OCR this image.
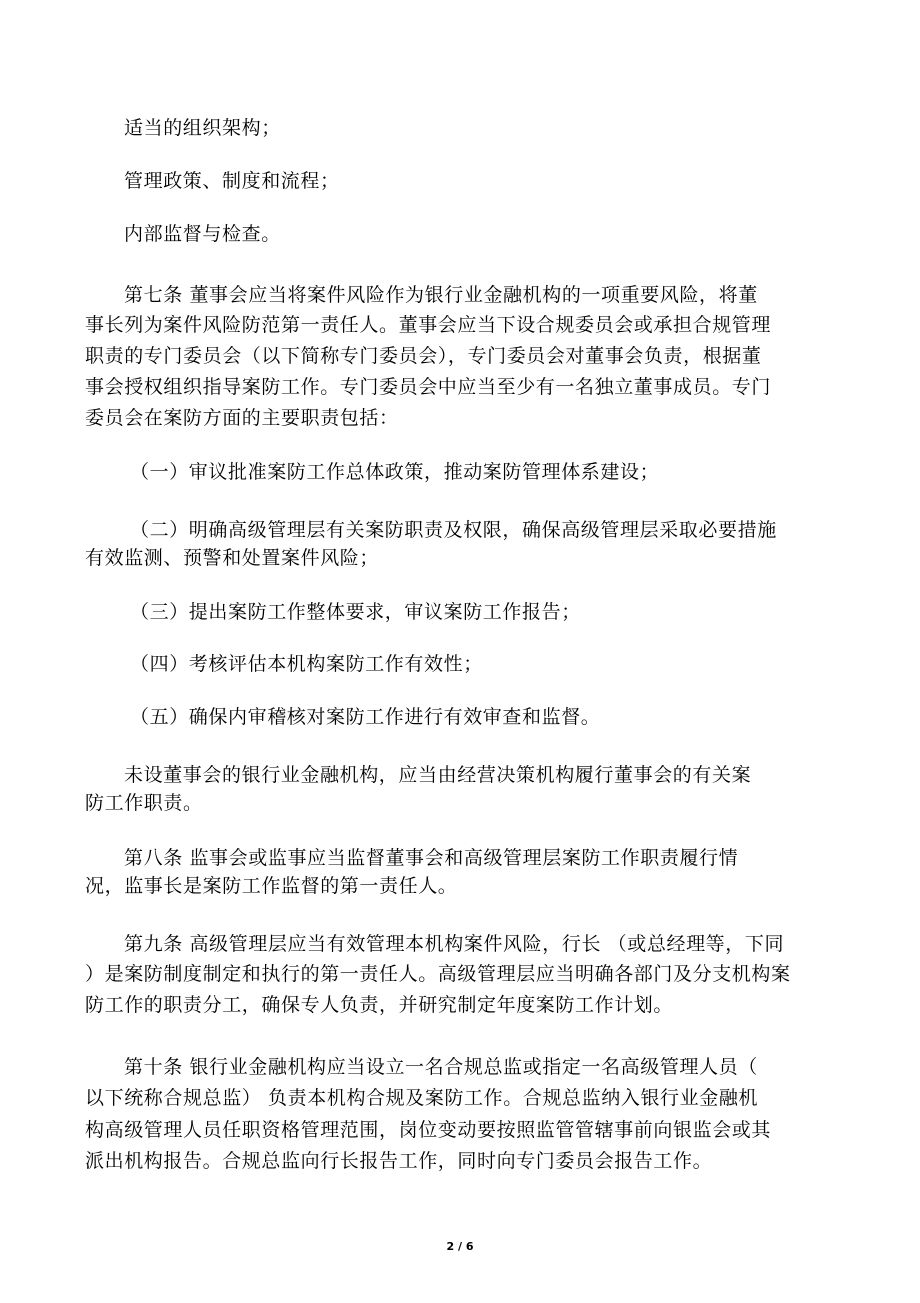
适当的组织架构；
管理政策、制度和流程；
内部监督与检查。
第七条 董事会应当将案件风险作为银行业金融机构的一项重要风险，将董
事长列为案件风险防范第一责任人。董事会应当下设合规委员会或承担合规管理
职责的专门委员会（以下简称专门委员会），专门委员会对董事会负责，根据董
事会授权组织指导案防工作。专门委员会中应当至少有一名独立董事成员。专门
委员会在案防方面的主要职责包括：
（一）审议批准案防工作总体政策，推动案防管理体系建设；
（二）明确高级管理层有关案防职责及权限，确保高级管理层采取必要措施
有效监测、预警和处置案件风险；
（三）提出案防工作整体要求，审议案防工作报告；
（四）考核评估本机构案防工作有效性；
（五）确保内审稽核对案防工作进行有效审查和监督。
未设董事会的银行业金融机构，应当由经营决策机构履行董事会的有关案
防工作职责。
第八条 监事会或监事应当监督董事会和高级管理层案防工作职责履行情
况，监事长是案防工作监督的第一责任人。
第九条 高级管理层应当有效管理本机构案件风险，行长 （或总经理等，下同
）是案防制度制定和执行的第一责任人。高级管理层应当明确各部门及分支机构案
防工作的职责分工，确保专人负责，并研究制定年度案防工作计划。
第十条 银行业金融机构应当设立一名合规总监或指定一名高级管理人员（
以下统称合规总监） 负责本机构合规及案防工作。合规总监纳入银行业金融机
构高级管理人员任职资格管理范围，岗位变动要按照监管管辖事前向银监会或其
派出机构报告。合规总监向行长报告工作，同时向专门委员会报告工作。
2 / 6
